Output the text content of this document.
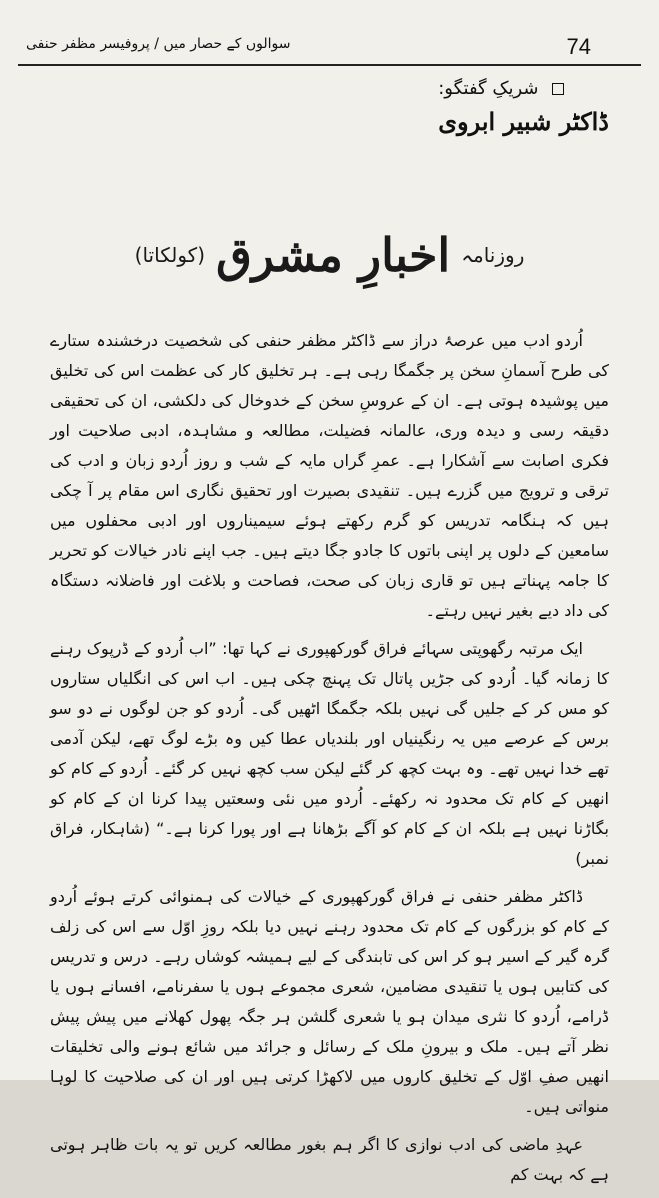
74
سوالوں کے حصار میں / پروفیسر مظفر حنفی
شریکِ گفتگو:
ڈاکٹر شبیر ابروی
روزنامہ اخبارِ مشرق (کولکاتا)

اُردو ادب میں عرصۂ دراز سے ڈاکٹر مظفر حنفی کی شخصیت درخشندہ ستارے کی طرح آسمانِ سخن پر جگمگا رہی ہے۔ ہر تخلیق کار کی عظمت اس کی تخلیق میں پوشیدہ ہوتی ہے۔ ان کے عروسِ سخن کے خدوخال کی دلکشی، ان کی تحقیقی دقیقہ رسی و دیدہ وری، عالمانہ فضیلت، مطالعہ و مشاہدہ، ادبی صلاحیت اور فکری اصابت سے آشکارا ہے۔ عمرِ گراں مایہ کے شب و روز اُردو زبان و ادب کی ترقی و ترویج میں گزرے ہیں۔ تنقیدی بصیرت اور تحقیق نگاری اس مقام پر آ چکی ہیں کہ ہنگامہ تدریس کو گرم رکھتے ہوئے سیمیناروں اور ادبی محفلوں میں سامعین کے دلوں پر اپنی باتوں کا جادو جگا دیتے ہیں۔ جب اپنے نادر خیالات کو تحریر کا جامہ پہناتے ہیں تو قاری زبان کی صحت، فصاحت و بلاغت اور فاضلانہ دستگاہ کی داد دیے بغیر نہیں رہتے۔

ایک مرتبہ رگھوپتی سہائے فراق گورکھپوری نے کہا تھا: ”اب اُردو کے ڈرپوک رہنے کا زمانہ گیا۔ اُردو کی جڑیں پاتال تک پہنچ چکی ہیں۔ اب اس کی انگلیاں ستاروں کو مس کر کے جلیں گی نہیں بلکہ جگمگا اٹھیں گی۔ اُردو کو جن لوگوں نے دو سو برس کے عرصے میں یہ رنگینیاں اور بلندیاں عطا کیں وہ بڑے لوگ تھے، لیکن آدمی تھے خدا نہیں تھے۔ وہ بہت کچھ کر گئے لیکن سب کچھ نہیں کر گئے۔ اُردو کے کام کو انھیں کے کام تک محدود نہ رکھئے۔ اُردو میں نئی وسعتیں پیدا کرنا ان کے کام کو بگاڑنا نہیں ہے بلکہ ان کے کام کو آگے بڑھانا ہے اور پورا کرنا ہے۔“ (شاہکار، فراق نمبر)

ڈاکٹر مظفر حنفی نے فراق گورکھپوری کے خیالات کی ہمنوائی کرتے ہوئے اُردو کے کام کو بزرگوں کے کام تک محدود رہنے نہیں دیا بلکہ روزِ اوّل سے اس کی زلف گرہ گیر کے اسیر ہو کر اس کی تابندگی کے لیے ہمیشہ کوشاں رہے۔ درس و تدریس کی کتابیں ہوں یا تنقیدی مضامین، شعری مجموعے ہوں یا سفرنامے، افسانے ہوں یا ڈرامے، اُردو کا نثری میدان ہو یا شعری گلشن ہر جگہ پھول کھلانے میں پیش پیش نظر آتے ہیں۔ ملک و بیرونِ ملک کے رسائل و جرائد میں شائع ہونے والی تخلیقات انھیں صفِ اوّل کے تخلیق کاروں میں لاکھڑا کرتی ہیں اور ان کی صلاحیت کا لوہا منواتی ہیں۔

عہدِ ماضی کی ادب نوازی کا اگر ہم بغور مطالعہ کریں تو یہ بات ظاہر ہوتی ہے کہ بہت کم
